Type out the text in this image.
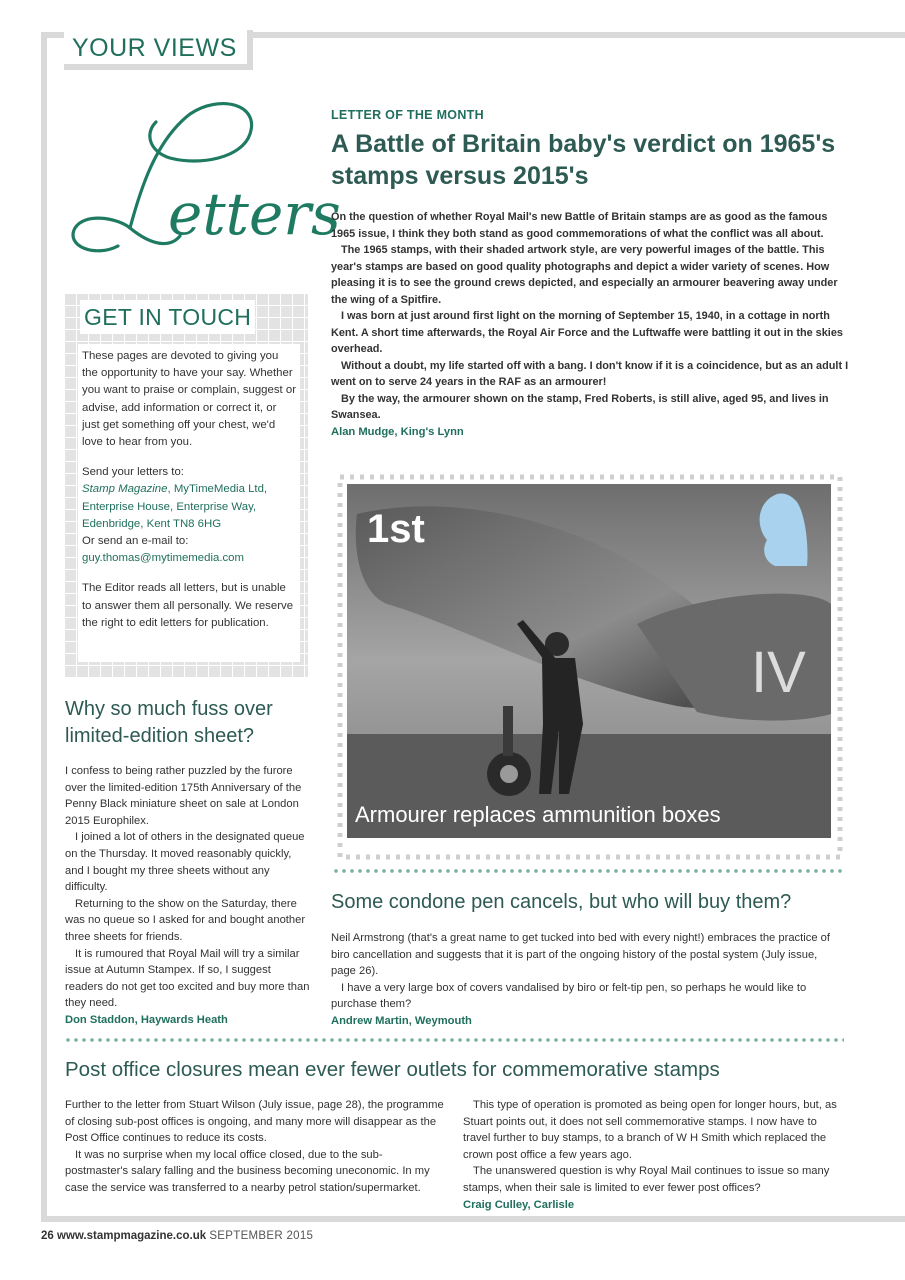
YOUR VIEWS
etters
GET IN TOUCH

These pages are devoted to giving you the opportunity to have your say. Whether you want to praise or complain, suggest or advise, add information or correct it, or just get something off your chest, we'd love to hear from you.

Send your letters to:
Stamp Magazine, MyTimeMedia Ltd, Enterprise House, Enterprise Way, Edenbridge, Kent TN8 6HG
Or send an e-mail to:
guy.thomas@mytimemedia.com

The Editor reads all letters, but is unable to answer them all personally. We reserve the right to edit letters for publication.

LETTER OF THE MONTH
A Battle of Britain baby's verdict on 1965's stamps versus 2015's

On the question of whether Royal Mail's new Battle of Britain stamps are as good as the famous 1965 issue, I think they both stand as good commemorations of what the conflict was all about.

The 1965 stamps, with their shaded artwork style, are very powerful images of the battle. This year's stamps are based on good quality photographs and depict a wider variety of scenes. How pleasing it is to see the ground crews depicted, and especially an armourer beavering away under the wing of a Spitfire.

I was born at just around first light on the morning of September 15, 1940, in a cottage in north Kent. A short time afterwards, the Royal Air Force and the Luftwaffe were battling it out in the skies overhead.

Without a doubt, my life started off with a bang. I don't know if it is a coincidence, but as an adult I went on to serve 24 years in the RAF as an armourer!

By the way, the armourer shown on the stamp, Fred Roberts, is still alive, aged 95, and lives in Swansea.

Alan Mudge, King's Lynn
IV
1st
Armourer replaces ammunition boxes
Why so much fuss over limited-edition sheet?

I confess to being rather puzzled by the furore over the limited-edition 175th Anniversary of the Penny Black miniature sheet on sale at London 2015 Europhilex.

I joined a lot of others in the designated queue on the Thursday. It moved reasonably quickly, and I bought my three sheets without any difficulty.

Returning to the show on the Saturday, there was no queue so I asked for and bought another three sheets for friends.

It is rumoured that Royal Mail will try a similar issue at Autumn Stampex. If so, I suggest readers do not get too excited and buy more than they need.

Don Staddon, Haywards Heath
Some condone pen cancels, but who will buy them?

Neil Armstrong (that's a great name to get tucked into bed with every night!) embraces the practice of biro cancellation and suggests that it is part of the ongoing history of the postal system (July issue, page 26).

I have a very large box of covers vandalised by biro or felt-tip pen, so perhaps he would like to purchase them?

Andrew Martin, Weymouth
Post office closures mean ever fewer outlets for commemorative stamps

Further to the letter from Stuart Wilson (July issue, page 28), the programme of closing sub-post offices is ongoing, and many more will disappear as the Post Office continues to reduce its costs.

It was no surprise when my local office closed, due to the sub-postmaster's salary falling and the business becoming uneconomic. In my case the service was transferred to a nearby petrol station/supermarket.

This type of operation is promoted as being open for longer hours, but, as Stuart points out, it does not sell commemorative stamps. I now have to travel further to buy stamps, to a branch of W H Smith which replaced the crown post office a few years ago.

The unanswered question is why Royal Mail continues to issue so many stamps, when their sale is limited to ever fewer post offices?

Craig Culley, Carlisle
26 www.stampmagazine.co.uk SEPTEMBER 2015
